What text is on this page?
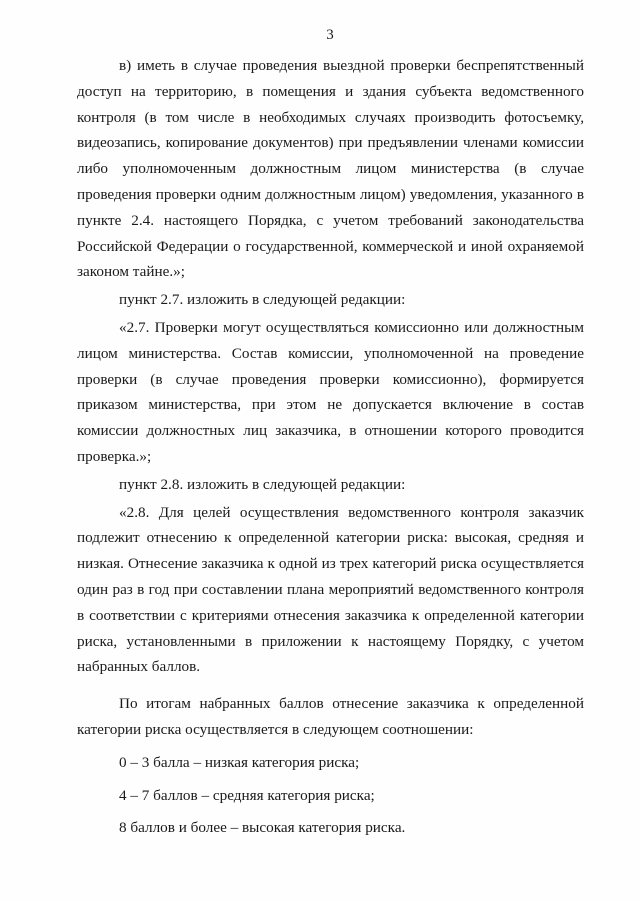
3

в) иметь в случае проведения выездной проверки беспрепятственный доступ на территорию, в помещения и здания субъекта ведомственного контроля (в том числе в необходимых случаях производить фотосъемку, видеозапись, копирование документов) при предъявлении членами комиссии либо уполномоченным должностным лицом министерства (в случае проведения проверки одним должностным лицом) уведомления, указанного в пункте 2.4. настоящего Порядка, с учетом требований законодательства Российской Федерации о государственной, коммерческой и иной охраняемой законом тайне.»;

пункт 2.7. изложить в следующей редакции:

«2.7. Проверки могут осуществляться комиссионно или должностным лицом министерства. Состав комиссии, уполномоченной на проведение проверки (в случае проведения проверки комиссионно), формируется приказом министерства, при этом не допускается включение в состав комиссии должностных лиц заказчика, в отношении которого проводится проверка.»;

пункт 2.8. изложить в следующей редакции:

«2.8. Для целей осуществления ведомственного контроля заказчик подлежит отнесению к определенной категории риска: высокая, средняя и низкая. Отнесение заказчика к одной из трех категорий риска осуществляется один раз в год при составлении плана мероприятий ведомственного контроля в соответствии с критериями отнесения заказчика к определенной категории риска, установленными в приложении к настоящему Порядку, с учетом набранных баллов.

По итогам набранных баллов отнесение заказчика к определенной категории риска осуществляется в следующем соотношении:

0 – 3 балла – низкая категория риска;

4 – 7 баллов – средняя категория риска;

8 баллов и более – высокая категория риска.
